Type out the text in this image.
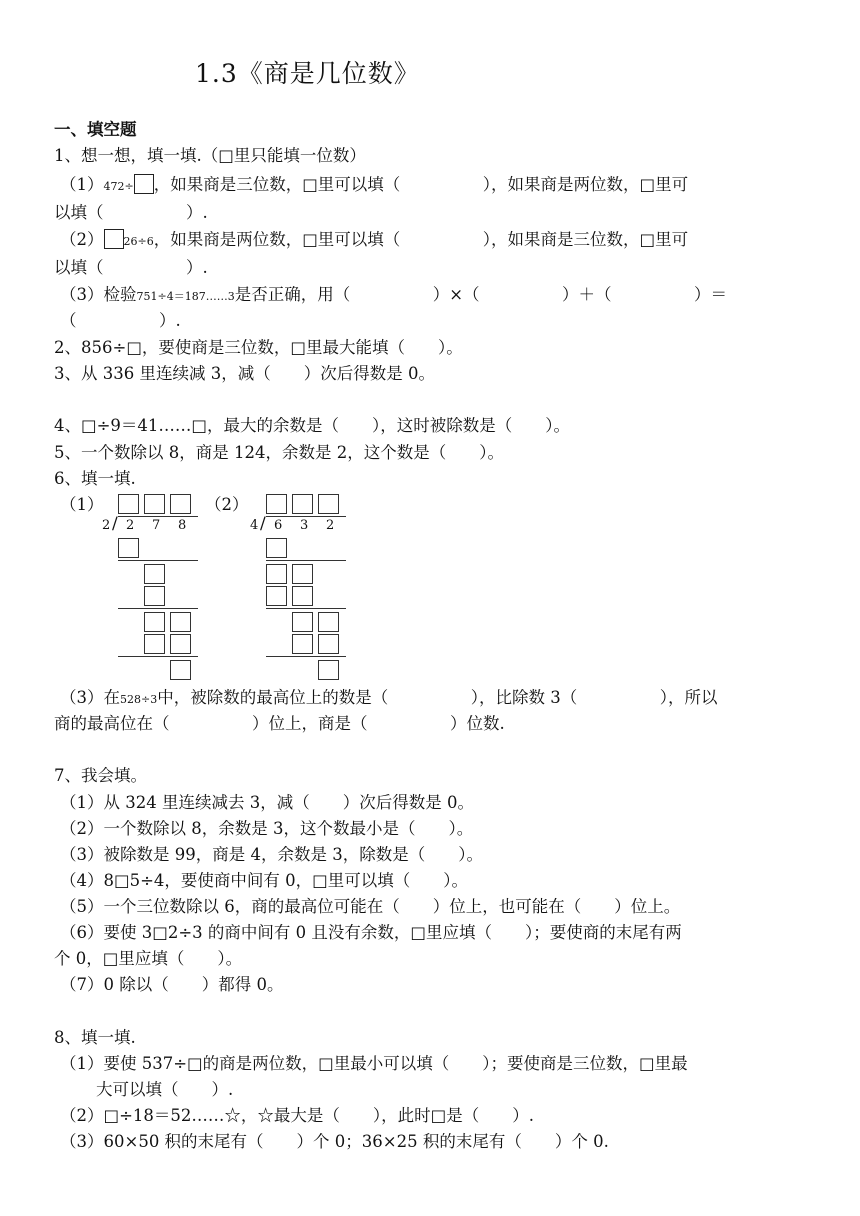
1.3《商是几位数》
一、填空题
1、想一想，填一填.（□里只能填一位数）
（1）472÷ ，如果商是三位数，□里可以填（　　　　　），如果商是两位数，□里可
以填（　　　　　）.
（2） 26÷6，如果商是两位数，□里可以填（　　　　　），如果商是三位数，□里可
以填（　　　　　）.
（3）检验751÷4＝187……3是否正确，用（　　　　　）×（　　　　　）＋（　　　　　）＝
（　　　　　）.
2、856÷□，要使商是三位数，□里最大能填（　　）。
3、从 336 里连续减 3，减（　　）次后得数是 0。
4、□÷9＝41……□，最大的余数是（　　），这时被除数是（　　）。
5、一个数除以 8，商是 124，余数是 2，这个数是（　　）。
6、填一填.
（1）	（2）
2 / 2 7 8	4 / 6 3 2
（3）在528÷3中，被除数的最高位上的数是（　　　　　），比除数 3（　　　　　），所以
商的最高位在（　　　　　）位上，商是（　　　　　）位数.
7、我会填。
（1）从 324 里连续减去 3，减（　　）次后得数是 0。
（2）一个数除以 8，余数是 3，这个数最小是（　　）。
（3）被除数是 99，商是 4，余数是 3，除数是（　　）。
（4）8□5÷4，要使商中间有 0，□里可以填（　　）。
（5）一个三位数除以 6，商的最高位可能在（　　）位上，也可能在（　　）位上。
（6）要使 3□2÷3 的商中间有 0 且没有余数，□里应填（　　）；要使商的末尾有两
个 0，□里应填（　　）。
（7）0 除以（　　）都得 0。
8、填一填.
（1）要使 537÷□的商是两位数，□里最小可以填（　　）；要使商是三位数，□里最
大可以填（　　）.
（2）□÷18＝52……☆，☆最大是（　　），此时□是（　　）.
（3）60×50 积的末尾有（　　）个 0；36×25 积的末尾有（　　）个 0.
